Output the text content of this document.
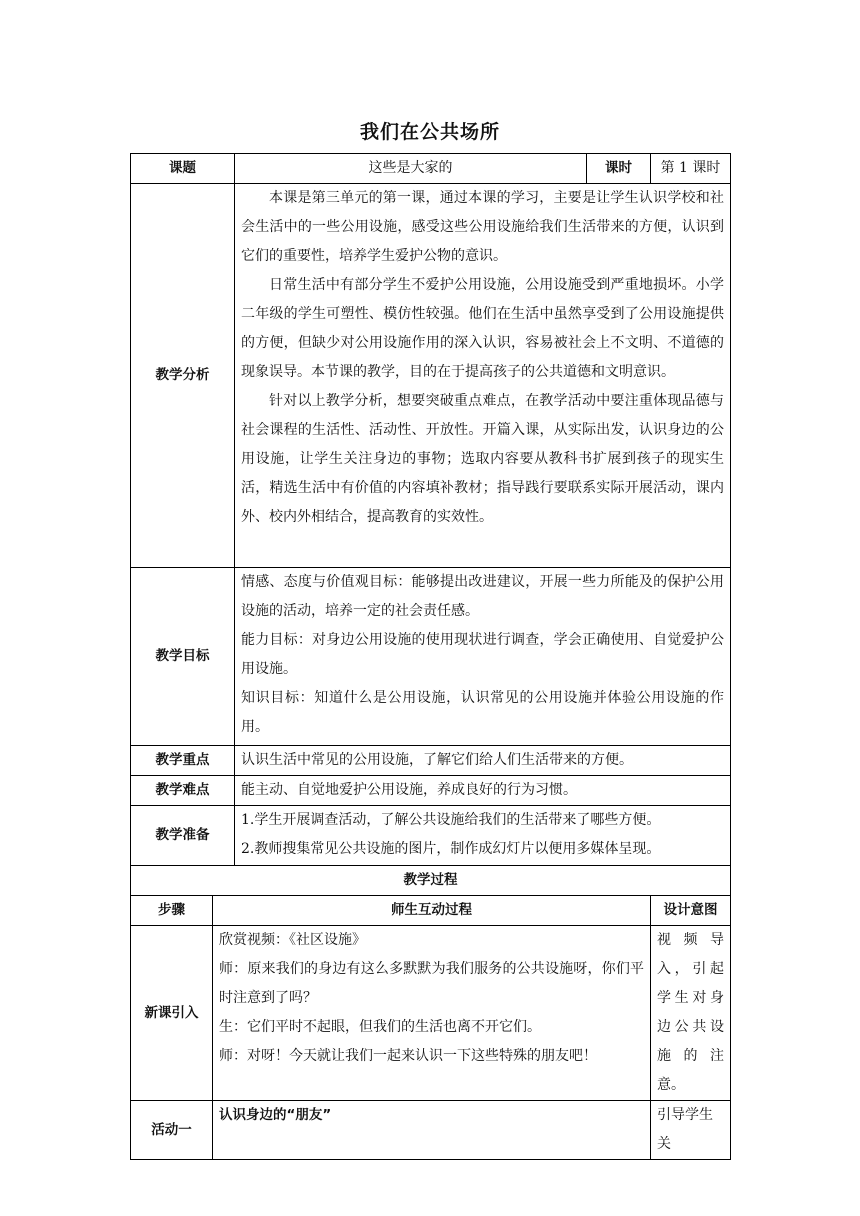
我们在公共场所
课题		这些是大家的	课时	第 1 课时
教学分析		本课是第三单元的第一课，通过本课的学习，主要是让学生认识学校和社会生活中的一些公用设施，感受这些公用设施给我们生活带来的方便，认识到它们的重要性，培养学生爱护公物的意识。

日常生活中有部分学生不爱护公用设施，公用设施受到严重地损坏。小学二年级的学生可塑性、模仿性较强。他们在生活中虽然享受到了公用设施提供的方便，但缺少对公用设施作用的深入认识，容易被社会上不文明、不道德的现象误导。本节课的教学，目的在于提高孩子的公共道德和文明意识。

针对以上教学分析，想要突破重点难点，在教学活动中要注重体现品德与社会课程的生活性、活动性、开放性。开篇入课，从实际出发，认识身边的公用设施，让学生关注身边的事物；选取内容要从教科书扩展到孩子的现实生活，精选生活中有价值的内容填补教材；指导践行要联系实际开展活动，课内外、校内外相结合，提高教育的实效性。		

教学目标		情感、态度与价值观目标：能够提出改进建议，开展一些力所能及的保护公用设施的活动，培养一定的社会责任感。

能力目标：对身边公用设施的使用现状进行调查，学会正确使用、自觉爱护公用设施。

知识目标：知道什么是公用设施，认识常见的公用设施并体验公用设施的作用。		

教学重点		认识生活中常见的公用设施，了解它们给人们生活带来的方便。		
教学难点		能主动、自觉地爱护公用设施，养成良好的行为习惯。		
教学准备		1.学生开展调查活动，了解公共设施给我们的生活带来了哪些方便。

2.教师搜集常见公共设施的图片，制作成幻灯片以便用多媒体呈现。		

教学过程				
步骤	师生互动过程			设计意图
新课引入	欣赏视频：《社区设施》

师：原来我们的身边有这么多默默为我们服务的公共设施呀，你们平时注意到了吗？

生：它们平时不起眼，但我们的生活也离不开它们。

师：对呀！今天就让我们一起来认识一下这些特殊的朋友吧！			视频导入，引起学生对身边公共设施的注意。
活动一	认识身边的“朋友”			引导学生关
